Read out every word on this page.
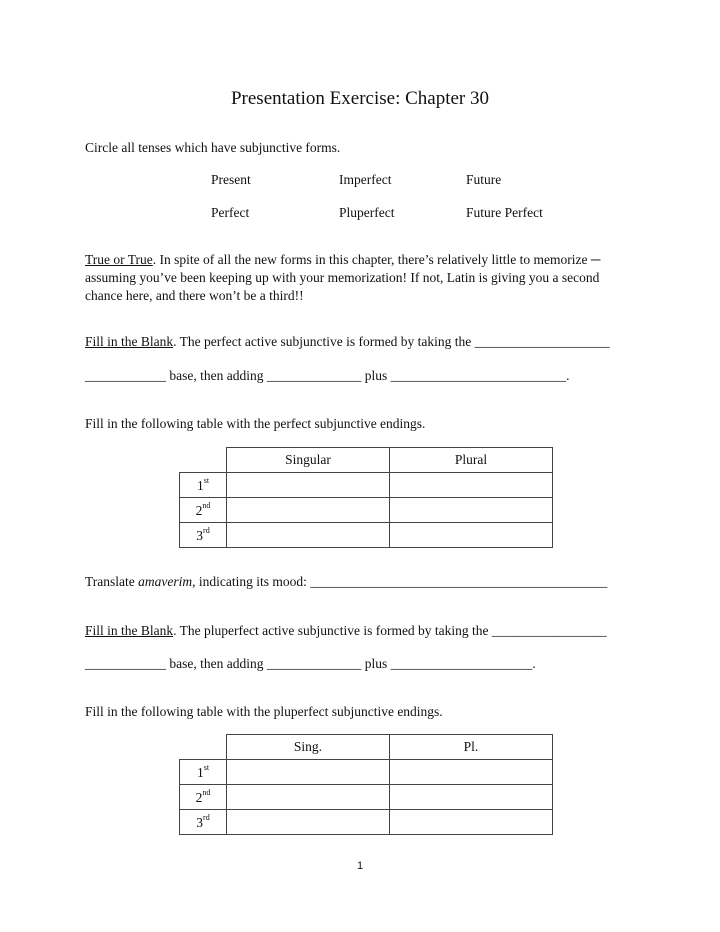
Presentation Exercise: Chapter 30
Circle all tenses which have subjunctive forms.
Present	Imperfect	Future
Perfect	Pluperfect	Future Perfect
True or True. In spite of all the new forms in this chapter, there’s relatively little to memorize ─
assuming you’ve been keeping up with your memorization! If not, Latin is giving you a second
chance here, and there won’t be a third!!
Fill in the Blank. The perfect active subjunctive is formed by taking the ____________________
____________ base, then adding ______________ plus __________________________.
Fill in the following table with the perfect subjunctive endings.
	Singular	Plural
1st		
2nd		
3rd		
Translate amaverim, indicating its mood: ____________________________________________
Fill in the Blank. The pluperfect active subjunctive is formed by taking the _________________
____________ base, then adding ______________ plus _____________________.
Fill in the following table with the pluperfect subjunctive endings.
	Sing.	Pl.
1st		
2nd		
3rd		
1
